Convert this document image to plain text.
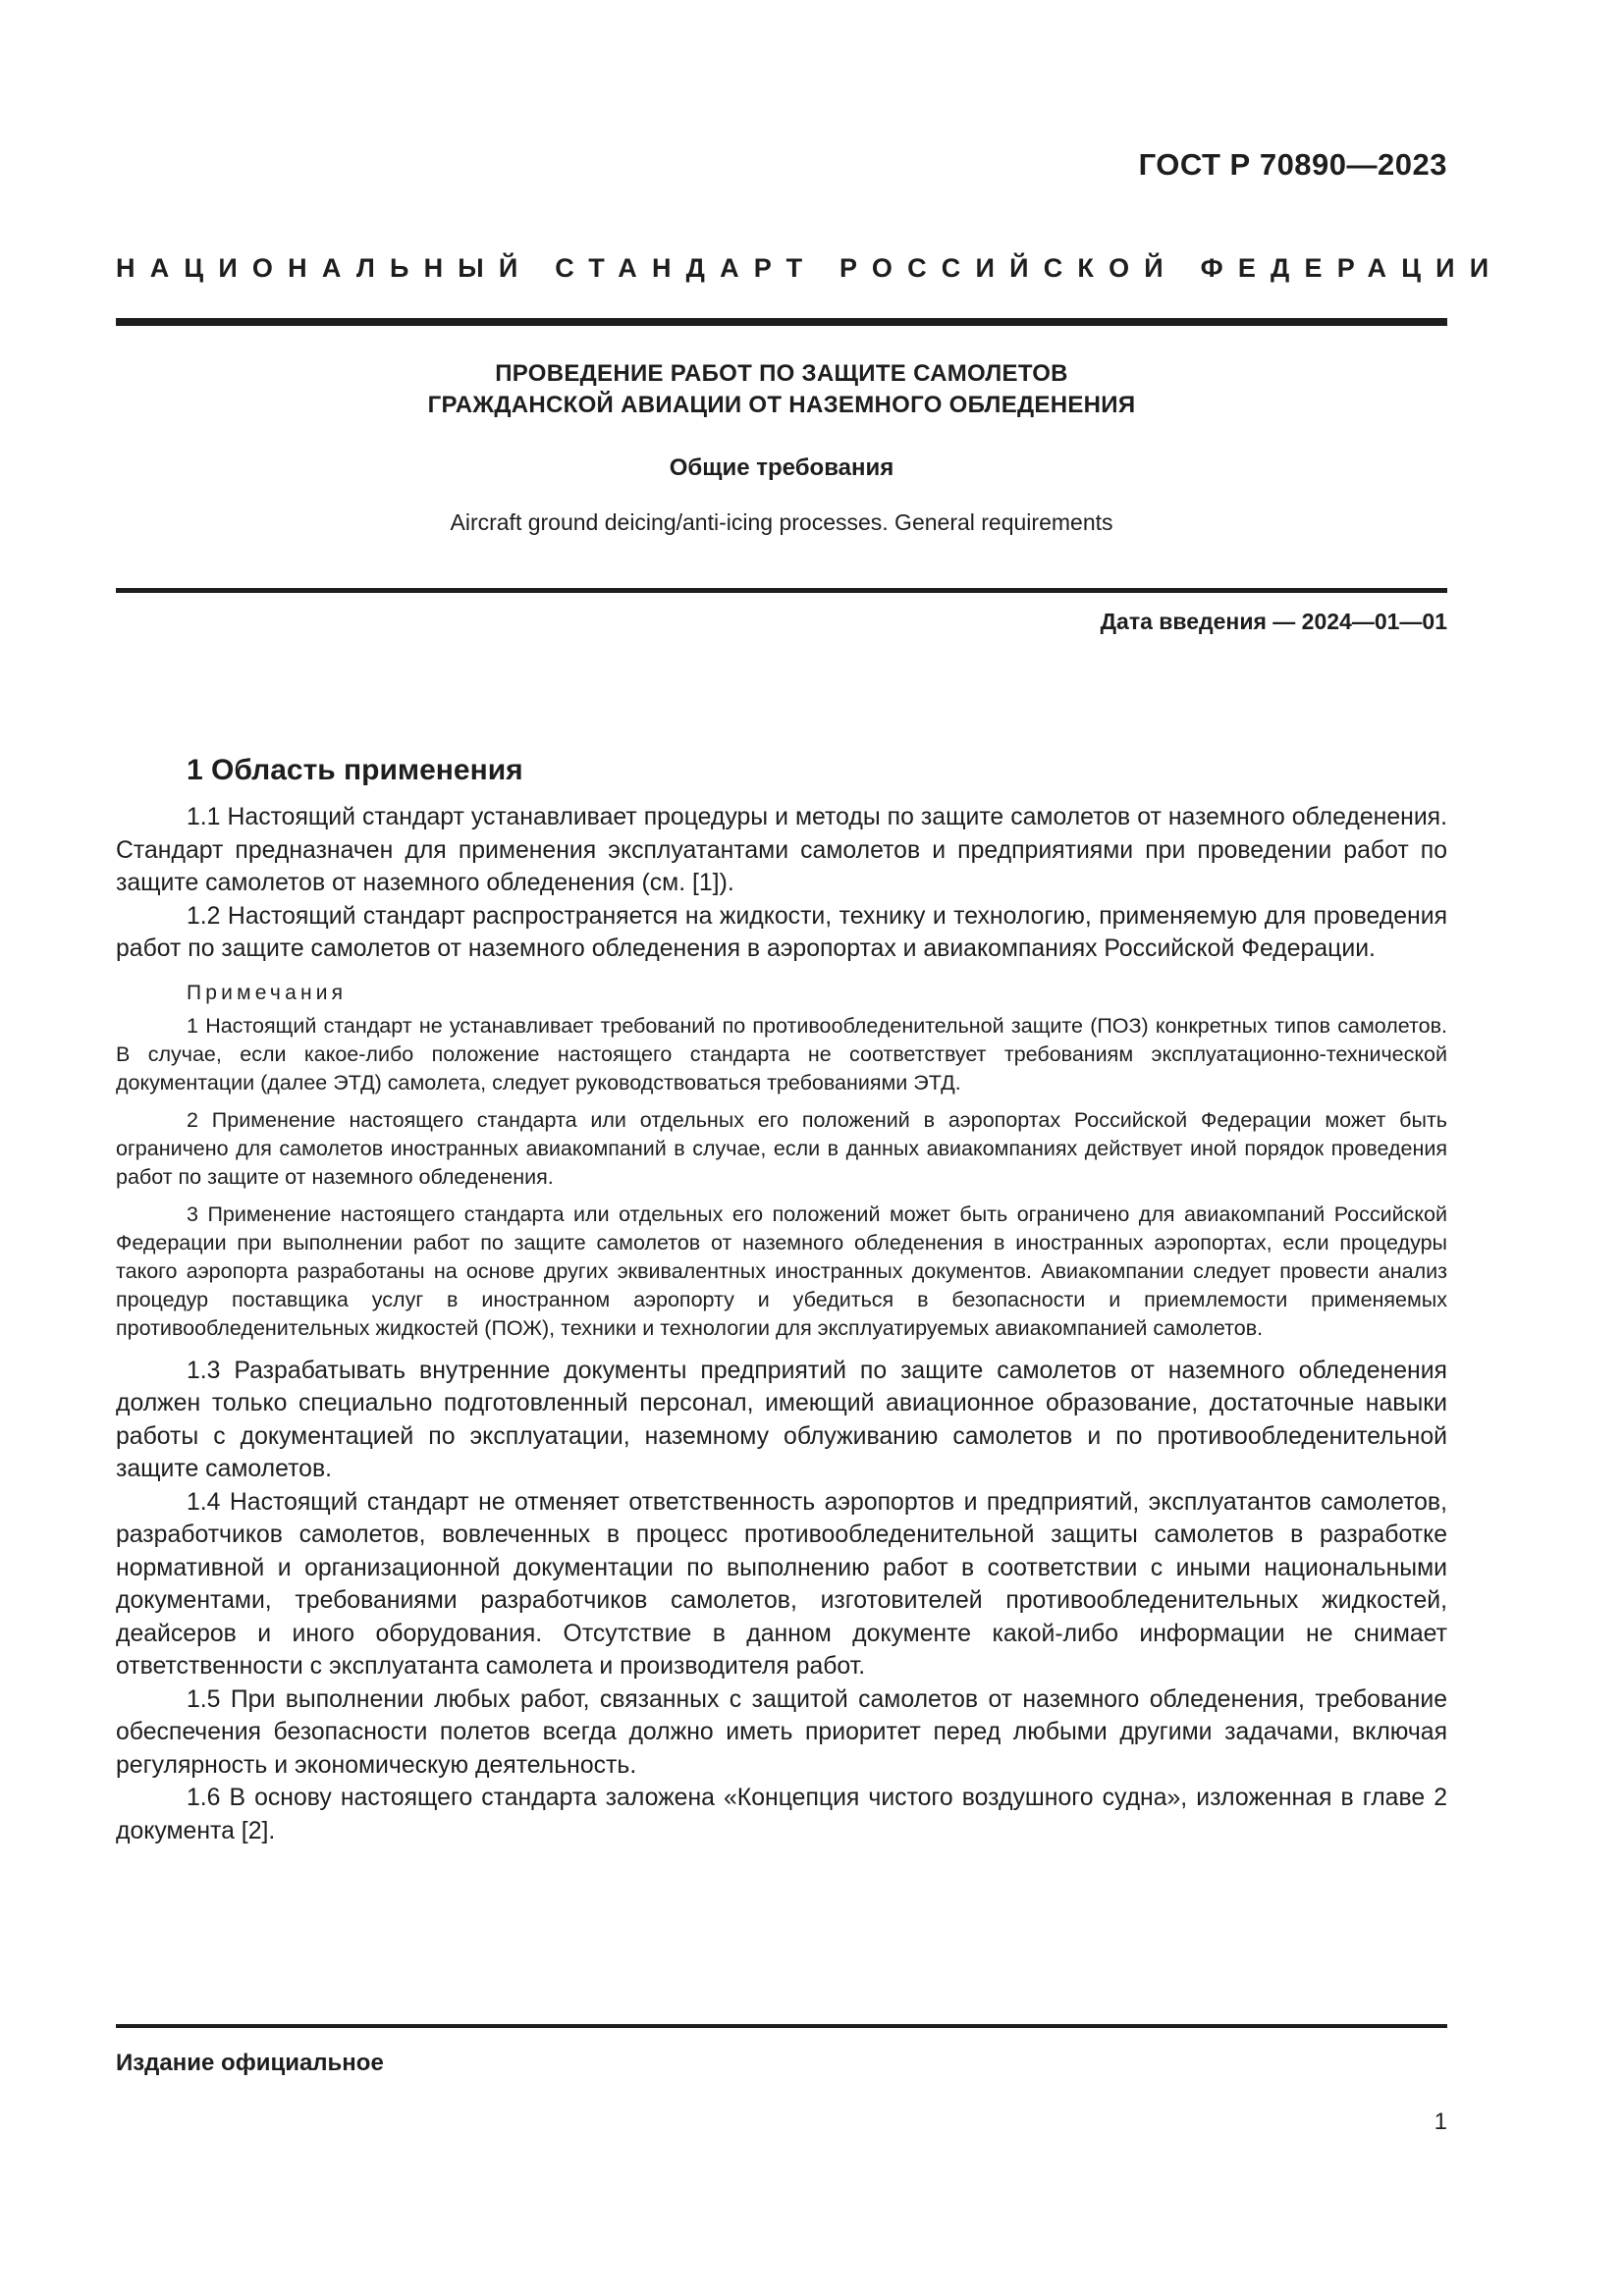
ГОСТ Р 70890—2023
НАЦИОНАЛЬНЫЙ СТАНДАРТ РОССИЙСКОЙ ФЕДЕРАЦИИ
ПРОВЕДЕНИЕ РАБОТ ПО ЗАЩИТЕ САМОЛЕТОВ
ГРАЖДАНСКОЙ АВИАЦИИ ОТ НАЗЕМНОГО ОБЛЕДЕНЕНИЯ
Общие требования
Aircraft ground deicing/anti-icing processes. General requirements
Дата введения — 2024—01—01
1 Область применения

1.1 Настоящий стандарт устанавливает процедуры и методы по защите самолетов от наземного обледенения. Стандарт предназначен для применения эксплуатантами самолетов и предприятиями при проведении работ по защите самолетов от наземного обледенения (см. [1]).

1.2 Настоящий стандарт распространяется на жидкости, технику и технологию, применяемую для проведения работ по защите самолетов от наземного обледенения в аэропортах и авиакомпаниях Российской Федерации.

Примечания

1 Настоящий стандарт не устанавливает требований по противообледенительной защите (ПОЗ) конкретных типов самолетов. В случае, если какое-либо положение настоящего стандарта не соответствует требованиям эксплуатационно-технической документации (далее ЭТД) самолета, следует руководствоваться требованиями ЭТД.

2 Применение настоящего стандарта или отдельных его положений в аэропортах Российской Федерации может быть ограничено для самолетов иностранных авиакомпаний в случае, если в данных авиакомпаниях действует иной порядок проведения работ по защите от наземного обледенения.

3 Применение настоящего стандарта или отдельных его положений может быть ограничено для авиакомпаний Российской Федерации при выполнении работ по защите самолетов от наземного обледенения в иностранных аэропортах, если процедуры такого аэропорта разработаны на основе других эквивалентных иностранных документов. Авиакомпании следует провести анализ процедур поставщика услуг в иностранном аэропорту и убедиться в безопасности и приемлемости применяемых противообледенительных жидкостей (ПОЖ), техники и технологии для эксплуатируемых авиакомпанией самолетов.

1.3 Разрабатывать внутренние документы предприятий по защите самолетов от наземного обледенения должен только специально подготовленный персонал, имеющий авиационное образование, достаточные навыки работы с документацией по эксплуатации, наземному облуживанию самолетов и по противообледенительной защите самолетов.

1.4 Настоящий стандарт не отменяет ответственность аэропортов и предприятий, эксплуатантов самолетов, разработчиков самолетов, вовлеченных в процесс противообледенительной защиты самолетов в разработке нормативной и организационной документации по выполнению работ в соответствии с иными национальными документами, требованиями разработчиков самолетов, изготовителей противообледенительных жидкостей, деайсеров и иного оборудования. Отсутствие в данном документе какой-либо информации не снимает ответственности с эксплуатанта самолета и производителя работ.

1.5 При выполнении любых работ, связанных с защитой самолетов от наземного обледенения, требование обеспечения безопасности полетов всегда должно иметь приоритет перед любыми другими задачами, включая регулярность и экономическую деятельность.

1.6 В основу настоящего стандарта заложена «Концепция чистого воздушного судна», изложенная в главе 2 документа [2].

Издание официальное
1
